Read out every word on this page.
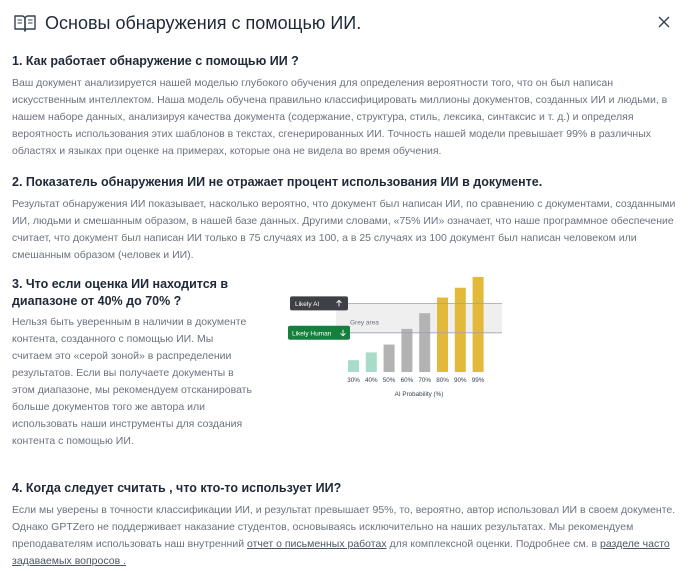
Основы обнаружения с помощью ИИ.
1. Как работает обнаружение с помощью ИИ ?

Ваш документ анализируется нашей моделью глубокого обучения для определения вероятности того, что он был написан искусственным интеллектом. Наша модель обучена правильно классифицировать миллионы документов, созданных ИИ и людьми, в нашем наборе данных, анализируя качества документа (содержание, структура, стиль, лексика, синтаксис и т. д.) и определяя вероятность использования этих шаблонов в текстах, сгенерированных ИИ. Точность нашей модели превышает 99% в различных областях и языках при оценке на примерах, которые она не видела во время обучения.

2. Показатель обнаружения ИИ не отражает процент использования ИИ в документе.

Результат обнаружения ИИ показывает, насколько вероятно, что документ был написан ИИ, по сравнению с документами, созданными ИИ, людьми и смешанным образом, в нашей базе данных. Другими словами, «75% ИИ» означает, что наше программное обеспечение считает, что документ был написан ИИ только в 75 случаях из 100, а в 25 случаях из 100 документ был написан человеком или смешанным образом (человек и ИИ).

3. Что если оценка ИИ находится в диапазоне от 40% до 70% ?

Нельзя быть уверенным в наличии в документе контента, созданного с помощью ИИ. Мы считаем это «серой зоной» в распределении результатов. Если вы получаете документы в этом диапазоне, мы рекомендуем отсканировать больше документов того же автора или использовать наши инструменты для создания контента с помощью ИИ.

Grey area
30% 40% 50% 60% 70% 80% 90% 99%
Likely AI
Likely Human
AI Probability (%)
4. Когда следует считать , что кто-то использует ИИ?

Если мы уверены в точности классификации ИИ, и результат превышает 95%, то, вероятно, автор использовал ИИ в своем документе. Однако GPTZero не поддерживает наказание студентов, основываясь исключительно на наших результатах. Мы рекомендуем преподавателям использовать наш внутренний отчет о письменных работах для комплексной оценки. Подробнее см. в разделе часто задаваемых вопросов .
